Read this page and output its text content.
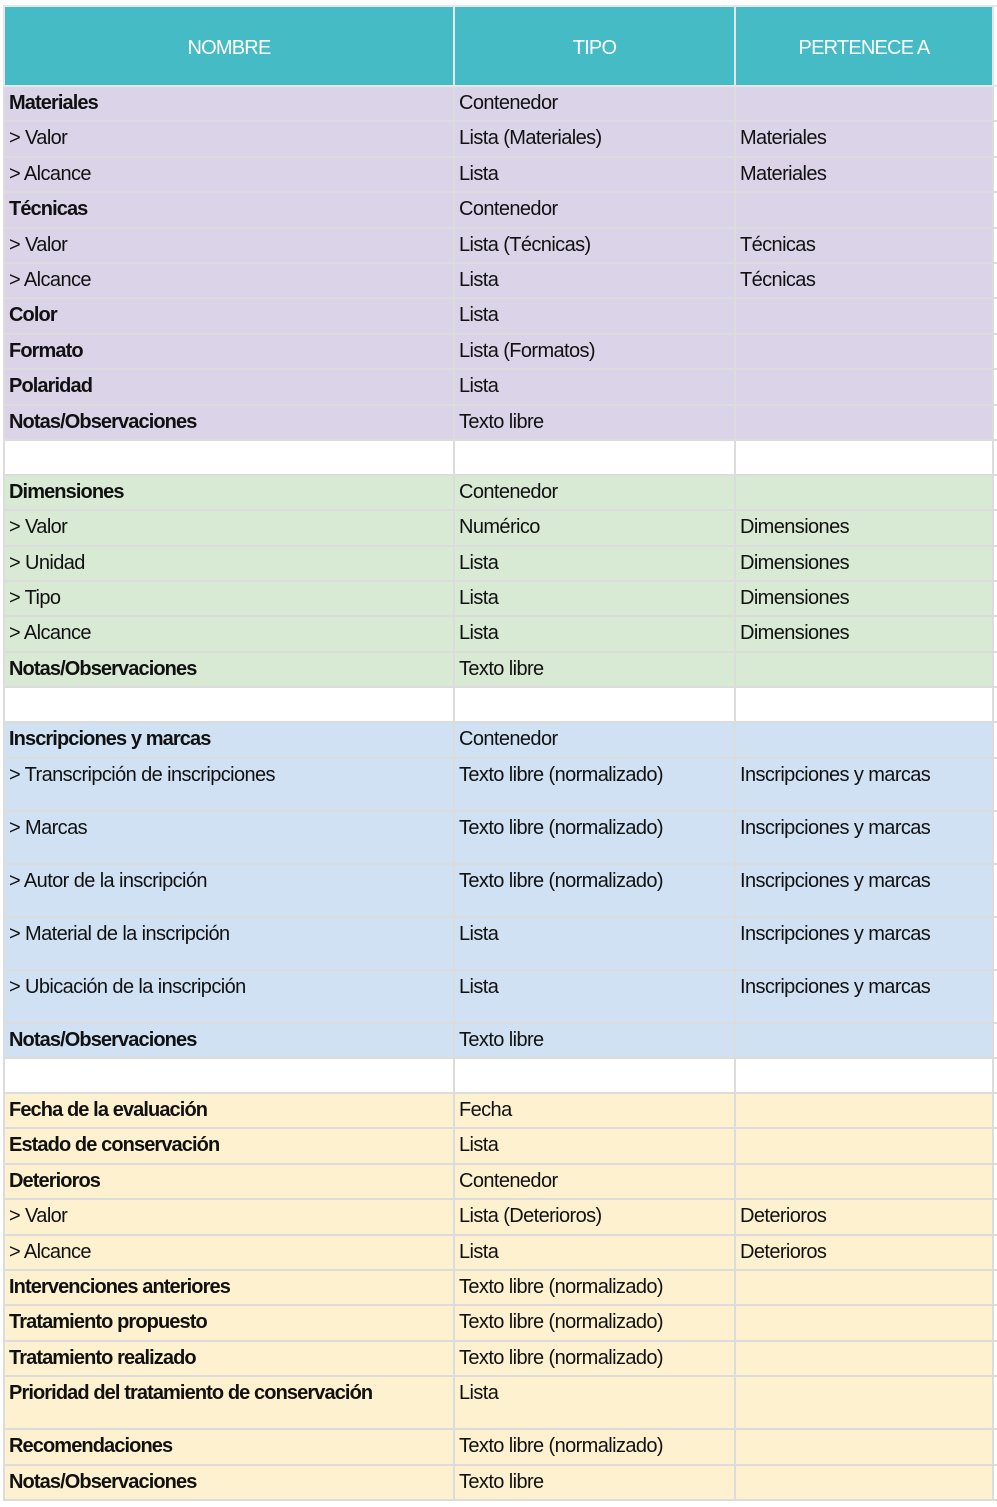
NOMBRE	TIPO	PERTENECE A	
Materiales	Contenedor		
> Valor	Lista (Materiales)	Materiales	
> Alcance	Lista	Materiales	
Técnicas	Contenedor		
> Valor	Lista (Técnicas)	Técnicas	
> Alcance	Lista	Técnicas	
Color	Lista		
Formato	Lista (Formatos)		
Polaridad	Lista		
Notas/Observaciones	Texto libre		

Dimensiones	Contenedor		
> Valor	Numérico	Dimensiones	
> Unidad	Lista	Dimensiones	
> Tipo	Lista	Dimensiones	
> Alcance	Lista	Dimensiones	
Notas/Observaciones	Texto libre		

Inscripciones y marcas	Contenedor		
> Transcripción de inscripciones	Texto libre (normalizado)	Inscripciones y marcas	
> Marcas	Texto libre (normalizado)	Inscripciones y marcas	
> Autor de la inscripción	Texto libre (normalizado)	Inscripciones y marcas	
> Material de la inscripción	Lista	Inscripciones y marcas	
> Ubicación de la inscripción	Lista	Inscripciones y marcas	
Notas/Observaciones	Texto libre		

Fecha de la evaluación	Fecha		
Estado de conservación	Lista		
Deterioros	Contenedor		
> Valor	Lista (Deterioros)	Deterioros	
> Alcance	Lista	Deterioros	
Intervenciones anteriores	Texto libre (normalizado)		
Tratamiento propuesto	Texto libre (normalizado)		
Tratamiento realizado	Texto libre (normalizado)		
Prioridad del tratamiento de conservación	Lista		
Recomendaciones	Texto libre (normalizado)		
Notas/Observaciones	Texto libre		
